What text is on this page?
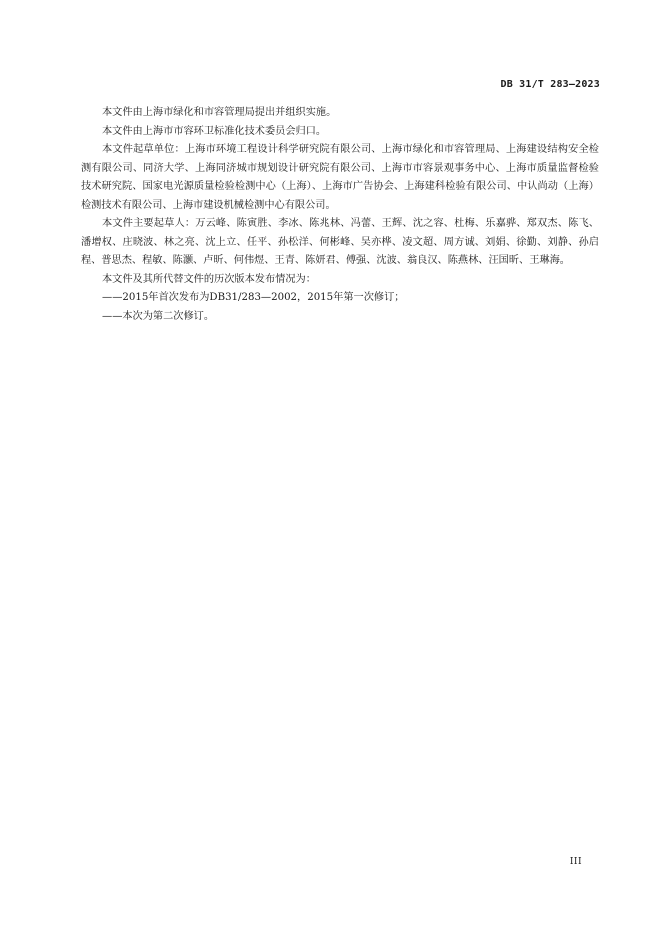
DB 31/T 283—2023

本文件由上海市绿化和市容管理局提出并组织实施。

本文件由上海市市容环卫标准化技术委员会归口。

本文件起草单位：上海市环境工程设计科学研究院有限公司、上海市绿化和市容管理局、上海建设结构安全检测有限公司、同济大学、上海同济城市规划设计研究院有限公司、上海市市容景观事务中心、上海市质量监督检验技术研究院、国家电光源质量检验检测中心（上海）、上海市广告协会、上海建科检验有限公司、中认尚动（上海）检测技术有限公司、上海市建设机械检测中心有限公司。

本文件主要起草人：万云峰、陈寅胜、李冰、陈兆林、冯蕾、王辉、沈之容、杜梅、乐嘉骅、郑双杰、陈飞、潘增权、庄晓波、林之亮、沈上立、任平、孙松洋、何彬峰、吴亦桦、凌文超、周方诚、刘娟、徐勤、刘静、孙启程、普思杰、程敏、陈灏、卢昕、何伟煜、王青、陈妍君、傅强、沈波、翁良汉、陈燕林、汪国昕、王琳海。

本文件及其所代替文件的历次版本发布情况为：

——2015年首次发布为DB31/283—2002，2015年第一次修订；

——本次为第二次修订。

III
